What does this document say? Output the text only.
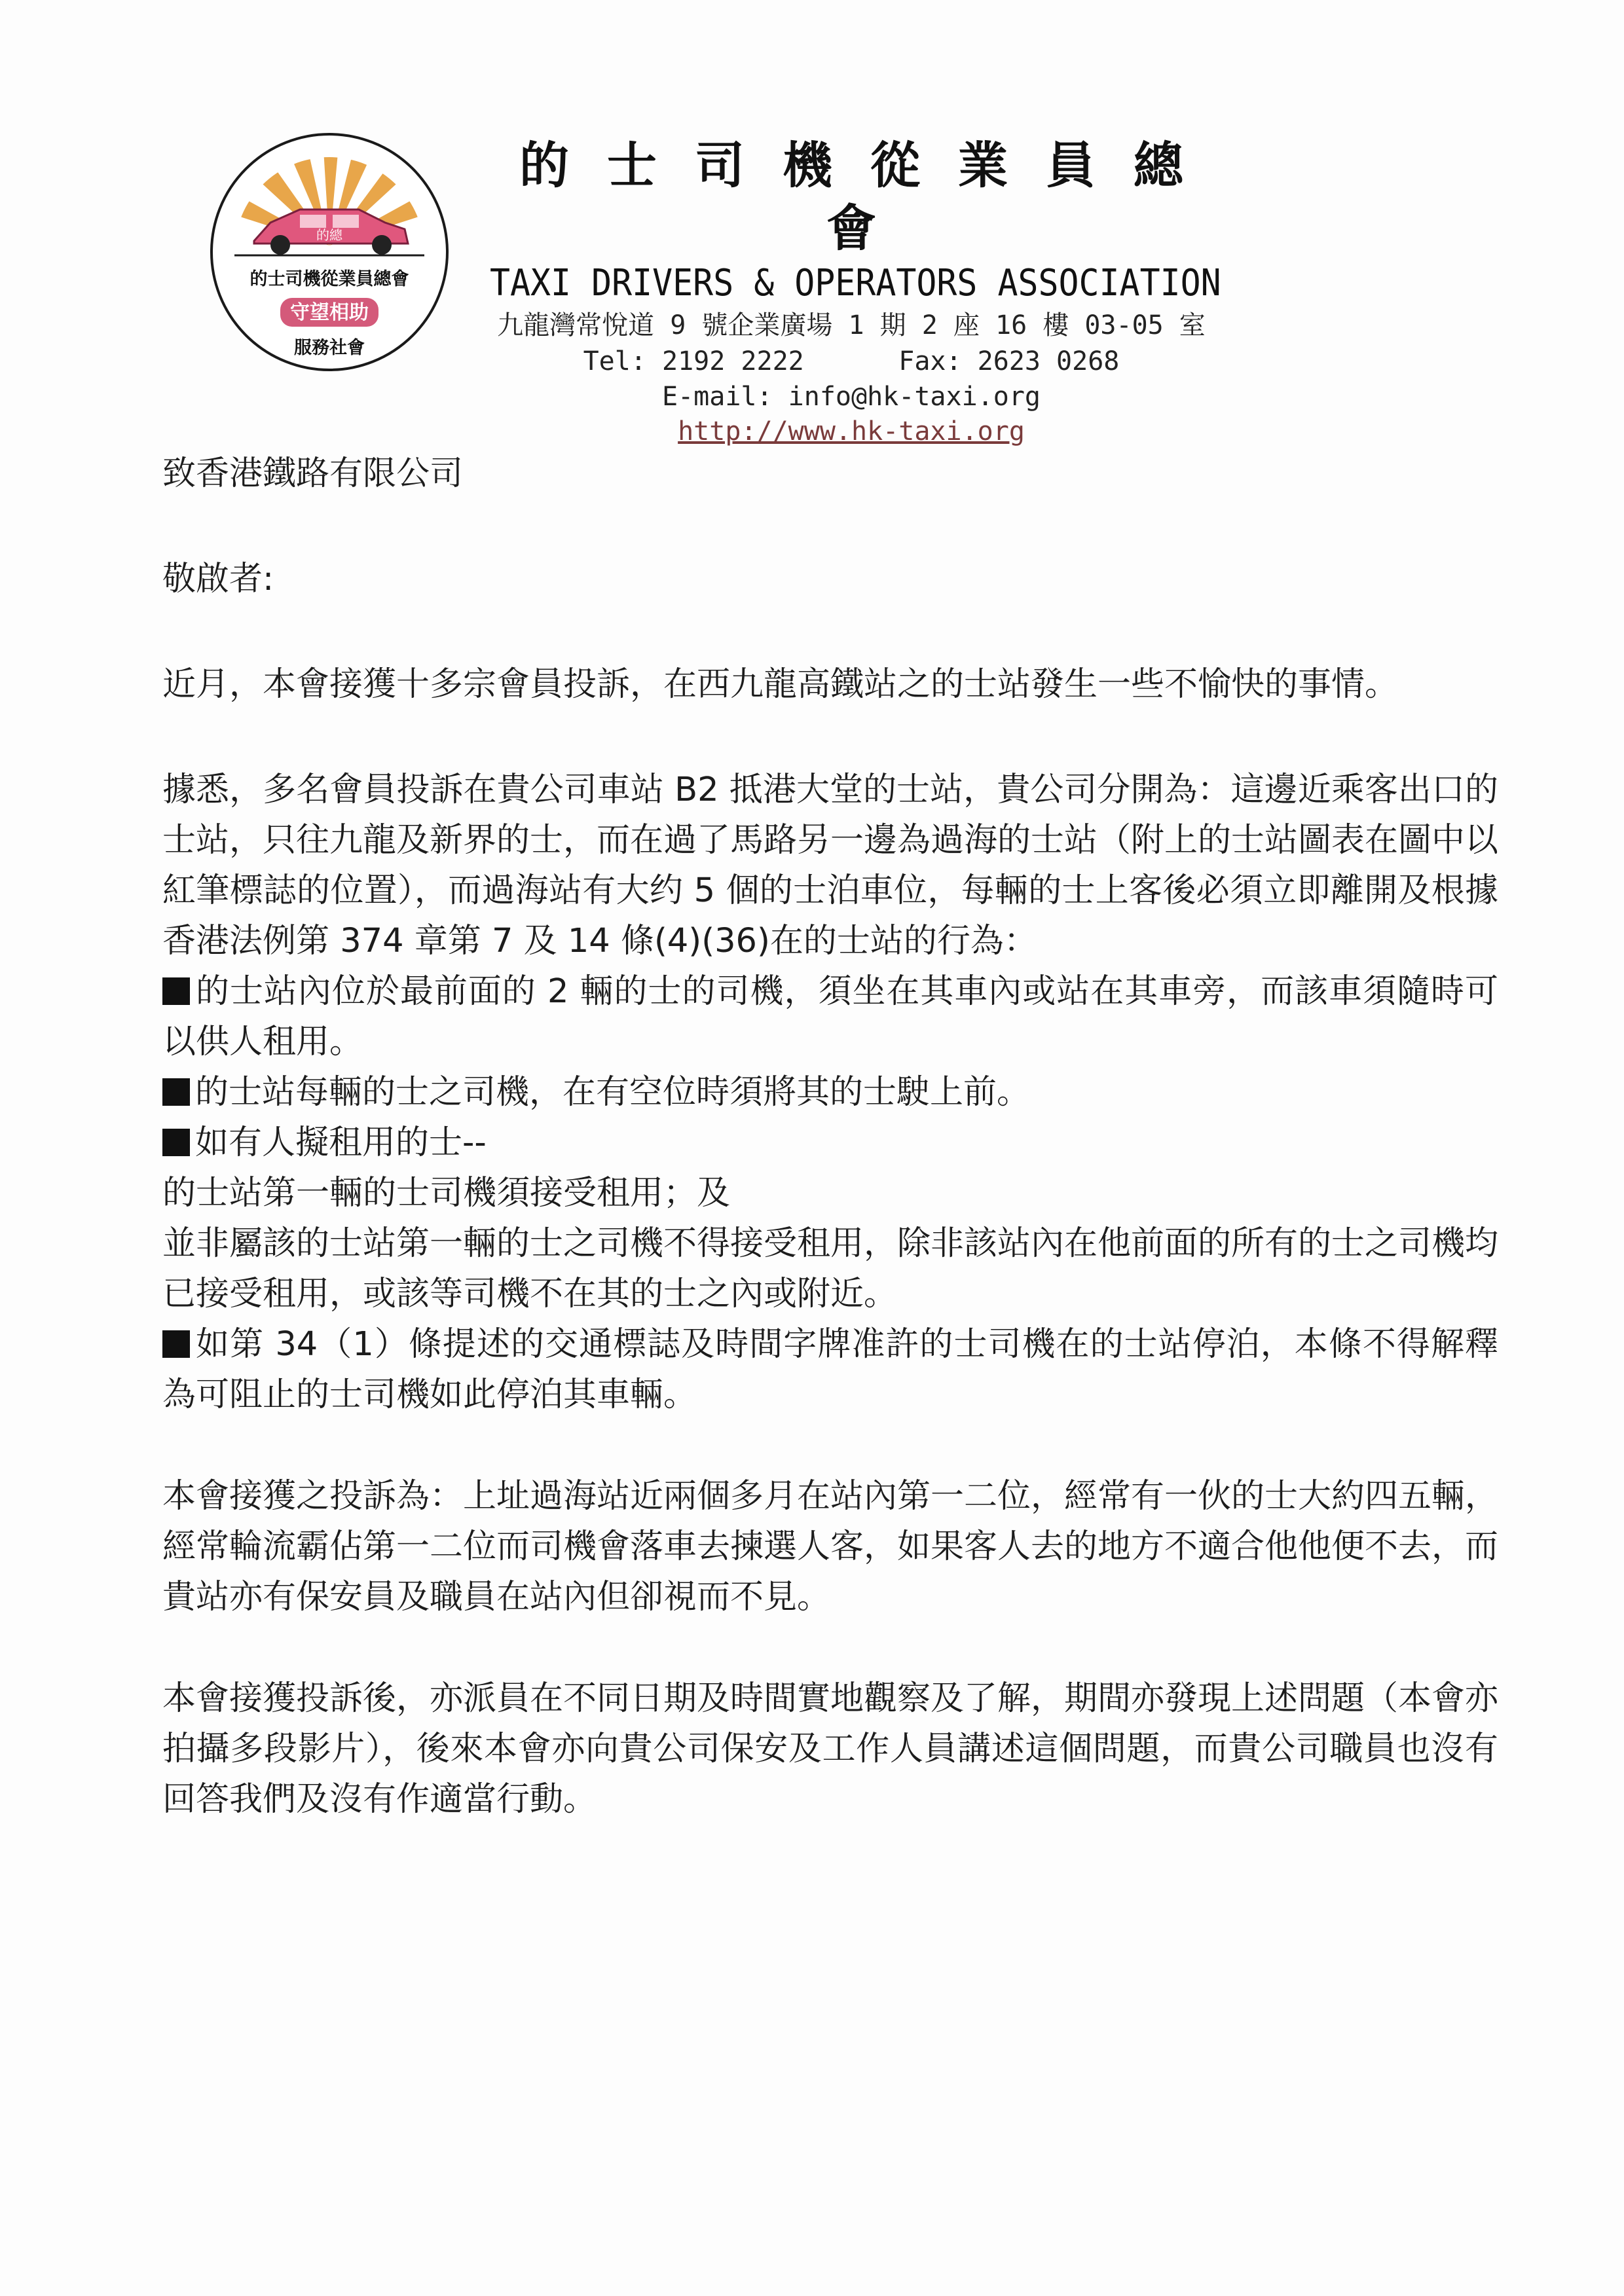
的總
的士司機從業員總會
守望相助
服務社會
的士司機從業員總會
TAXI DRIVERS & OPERATORS ASSOCIATION
九龍灣常悅道 9 號企業廣場 1 期 2 座 16 樓 03-05 室
Tel: 2192 2222      Fax: 2623 0268
E-mail: info@hk-taxi.org
http://www.hk-taxi.org

致香港鐵路有限公司

敬啟者:

近月，本會接獲十多宗會員投訴，在西九龍高鐵站之的士站發生一些不愉快的事情。

據悉，多名會員投訴在貴公司車站 B2 抵港大堂的士站，貴公司分開為：這邊近乘客出口的士站，只往九龍及新界的士，而在過了馬路另一邊為過海的士站（附上的士站圖表在圖中以紅筆標誌的位置），而過海站有大约 5 個的士泊車位，每輛的士上客後必須立即離開及根據香港法例第 374 章第 7 及 14 條(4)(36)在的士站的行為：

的士站內位於最前面的 2 輛的士的司機，須坐在其車內或站在其車旁，而該車須隨時可以供人租用。

的士站每輛的士之司機，在有空位時須將其的士駛上前。

如有人擬租用的士--

的士站第一輛的士司機須接受租用；及

並非屬該的士站第一輛的士之司機不得接受租用，除非該站內在他前面的所有的士之司機均已接受租用，或該等司機不在其的士之內或附近。

如第 34（1）條提述的交通標誌及時間字牌准許的士司機在的士站停泊，本條不得解釋為可阻止的士司機如此停泊其車輛。

本會接獲之投訴為：上址過海站近兩個多月在站內第一二位，經常有一伙的士大約四五輛，經常輪流霸佔第一二位而司機會落車去揀選人客，如果客人去的地方不適合他他便不去，而貴站亦有保安員及職員在站內但卻視而不見。

本會接獲投訴後，亦派員在不同日期及時間實地觀察及了解，期間亦發現上述問題（本會亦拍攝多段影片），後來本會亦向貴公司保安及工作人員講述這個問題，而貴公司職員也沒有回答我們及沒有作適當行動。
